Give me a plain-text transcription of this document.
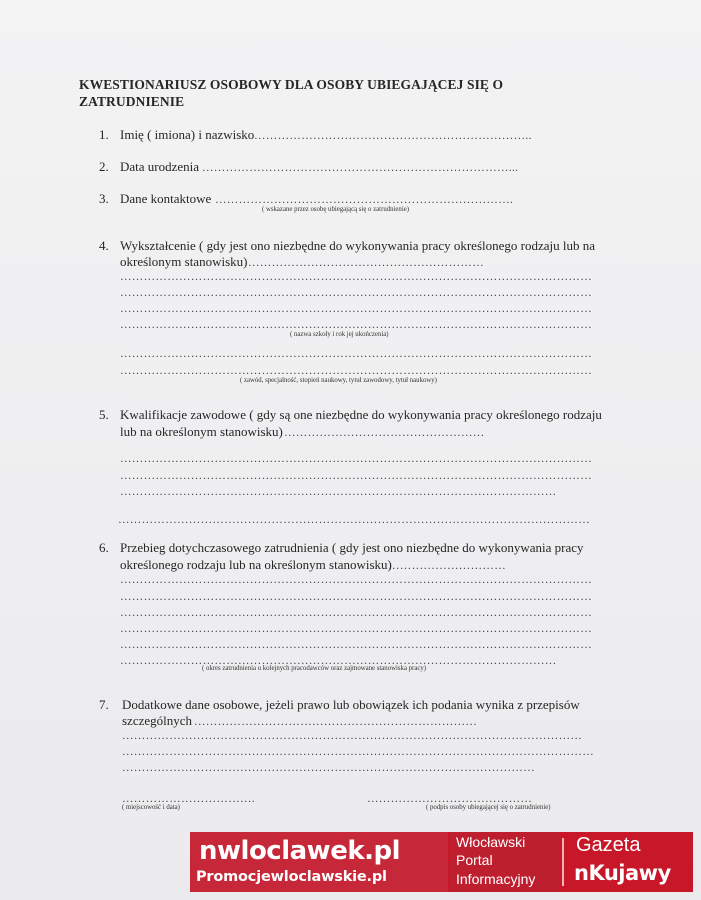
KWESTIONARIUSZ OSOBOWY DLA OSOBY UBIEGAJĄCEJ SIĘ O
ZATRUDNIENIE
1. Imię ( imiona) i nazwisko ……………………………………………………………..
2. Data urodzenia ……………………………………………………………………...
3. Dane kontaktowe ………………………………………………………………….
( wskazane przez osobę ubiegającą się o zatrudnienie)
4. Wykształcenie ( gdy jest ono niezbędne do wykonywania pracy określonego rodzaju lub na
określonym stanowisku) ……………………………………………………
…………………………………………………………………………………………………………
…………………………………………………………………………………………………………
…………………………………………………………………………………………………………
…………………………………………………………………………………………………………
( nazwa szkoły i rok jej ukończenia)
…………………………………………………………………………………………………………
…………………………………………………………………………………………………………
( zawód, specjalność, stopień naukowy, tytuł zawodowy, tytuł naukowy)
5. Kwalifikacje zawodowe ( gdy są one niezbędne do wykonywania pracy określonego rodzaju
lub na określonym stanowisku) ……………………………………………
…………………………………………………………………………………………………………
…………………………………………………………………………………………………………
…………………………………………………………………………………………………
…………………………………………………………………………………………………………
6. Przebieg dotychczasowego zatrudnienia ( gdy jest ono niezbędne do wykonywania pracy
określonego rodzaju lub na określonym stanowisku)
…………………………
…………………………………………………………………………………………………………
…………………………………………………………………………………………………………
…………………………………………………………………………………………………………
…………………………………………………………………………………………………………
…………………………………………………………………………………………………………
…………………………………………………………………………………………………
( okres zatrudnienia u kolejnych pracodawców oraz zajmowane stanowiska pracy)
7. Dodatkowe dane osobowe, jeżeli prawo lub obowiązek ich podania wynika z przepisów
szczególnych ………………………………………………………………
………………………………………………………………………………………………………
…………………………………………………………………………………………………………
……………………………………………………………………………………………
…………………………….
( miejscowość i data)
……………………………………
( podpis osoby ubiegającej się o zatrudnienie)
nwloclawek.pl
Promocjewloclawskie.pl
Włocławski
Portal
Informacyjny
Gazeta
nKujawy
